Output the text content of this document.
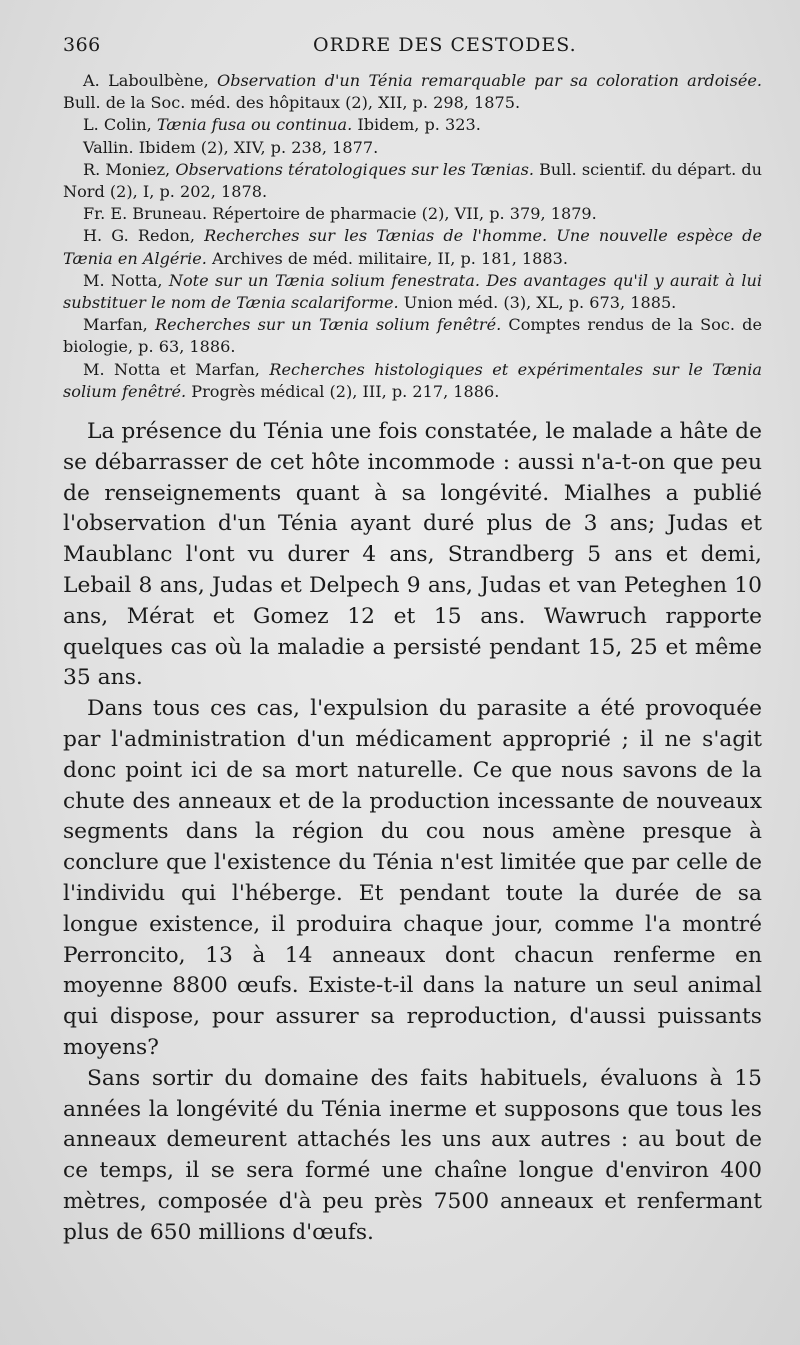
366	ORDRE DES CESTODES.

A. Laboulbène, Observation d'un Ténia remarquable par sa coloration ardoisée. Bull. de la Soc. méd. des hôpitaux (2), XII, p. 298, 1875.

L. Colin, Tænia fusa ou continua. Ibidem, p. 323.

Vallin. Ibidem (2), XIV, p. 238, 1877.

R. Moniez, Observations tératologiques sur les Tænias. Bull. scientif. du départ. du Nord (2), I, p. 202, 1878.

Fr. E. Bruneau. Répertoire de pharmacie (2), VII, p. 379, 1879.

H. G. Redon, Recherches sur les Tænias de l'homme. Une nouvelle espèce de Tænia en Algérie. Archives de méd. militaire, II, p. 181, 1883.

M. Notta, Note sur un Tænia solium fenestrata. Des avantages qu'il y aurait à lui substituer le nom de Tænia scalariforme. Union méd. (3), XL, p. 673, 1885.

Marfan, Recherches sur un Tænia solium fenêtré. Comptes rendus de la Soc. de biologie, p. 63, 1886.

M. Notta et Marfan, Recherches histologiques et expérimentales sur le Tænia solium fenêtré. Progrès médical (2), III, p. 217, 1886.

La présence du Ténia une fois constatée, le malade a hâte de se débarrasser de cet hôte incommode : aussi n'a-t-on que peu de renseignements quant à sa longévité. Mialhes a publié l'observation d'un Ténia ayant duré plus de 3 ans; Judas et Maublanc l'ont vu durer 4 ans, Strandberg 5 ans et demi, Lebail 8 ans, Judas et Delpech 9 ans, Judas et van Peteghen 10 ans, Mérat et Gomez 12 et 15 ans. Wawruch rapporte quelques cas où la maladie a persisté pendant 15, 25 et même 35 ans.

Dans tous ces cas, l'expulsion du parasite a été provoquée par l'administration d'un médicament approprié ; il ne s'agit donc point ici de sa mort naturelle. Ce que nous savons de la chute des anneaux et de la production incessante de nouveaux segments dans la région du cou nous amène presque à conclure que l'existence du Ténia n'est limitée que par celle de l'individu qui l'héberge. Et pendant toute la durée de sa longue existence, il produira chaque jour, comme l'a montré Perroncito, 13 à 14 anneaux dont chacun renferme en moyenne 8800 œufs. Existe-t-il dans la nature un seul animal qui dispose, pour assurer sa reproduction, d'aussi puissants moyens?

Sans sortir du domaine des faits habituels, évaluons à 15 années la longévité du Ténia inerme et supposons que tous les anneaux demeurent attachés les uns aux autres : au bout de ce temps, il se sera formé une chaîne longue d'environ 400 mètres, composée d'à peu près 7500 anneaux et renfermant plus de 650 millions d'œufs.
